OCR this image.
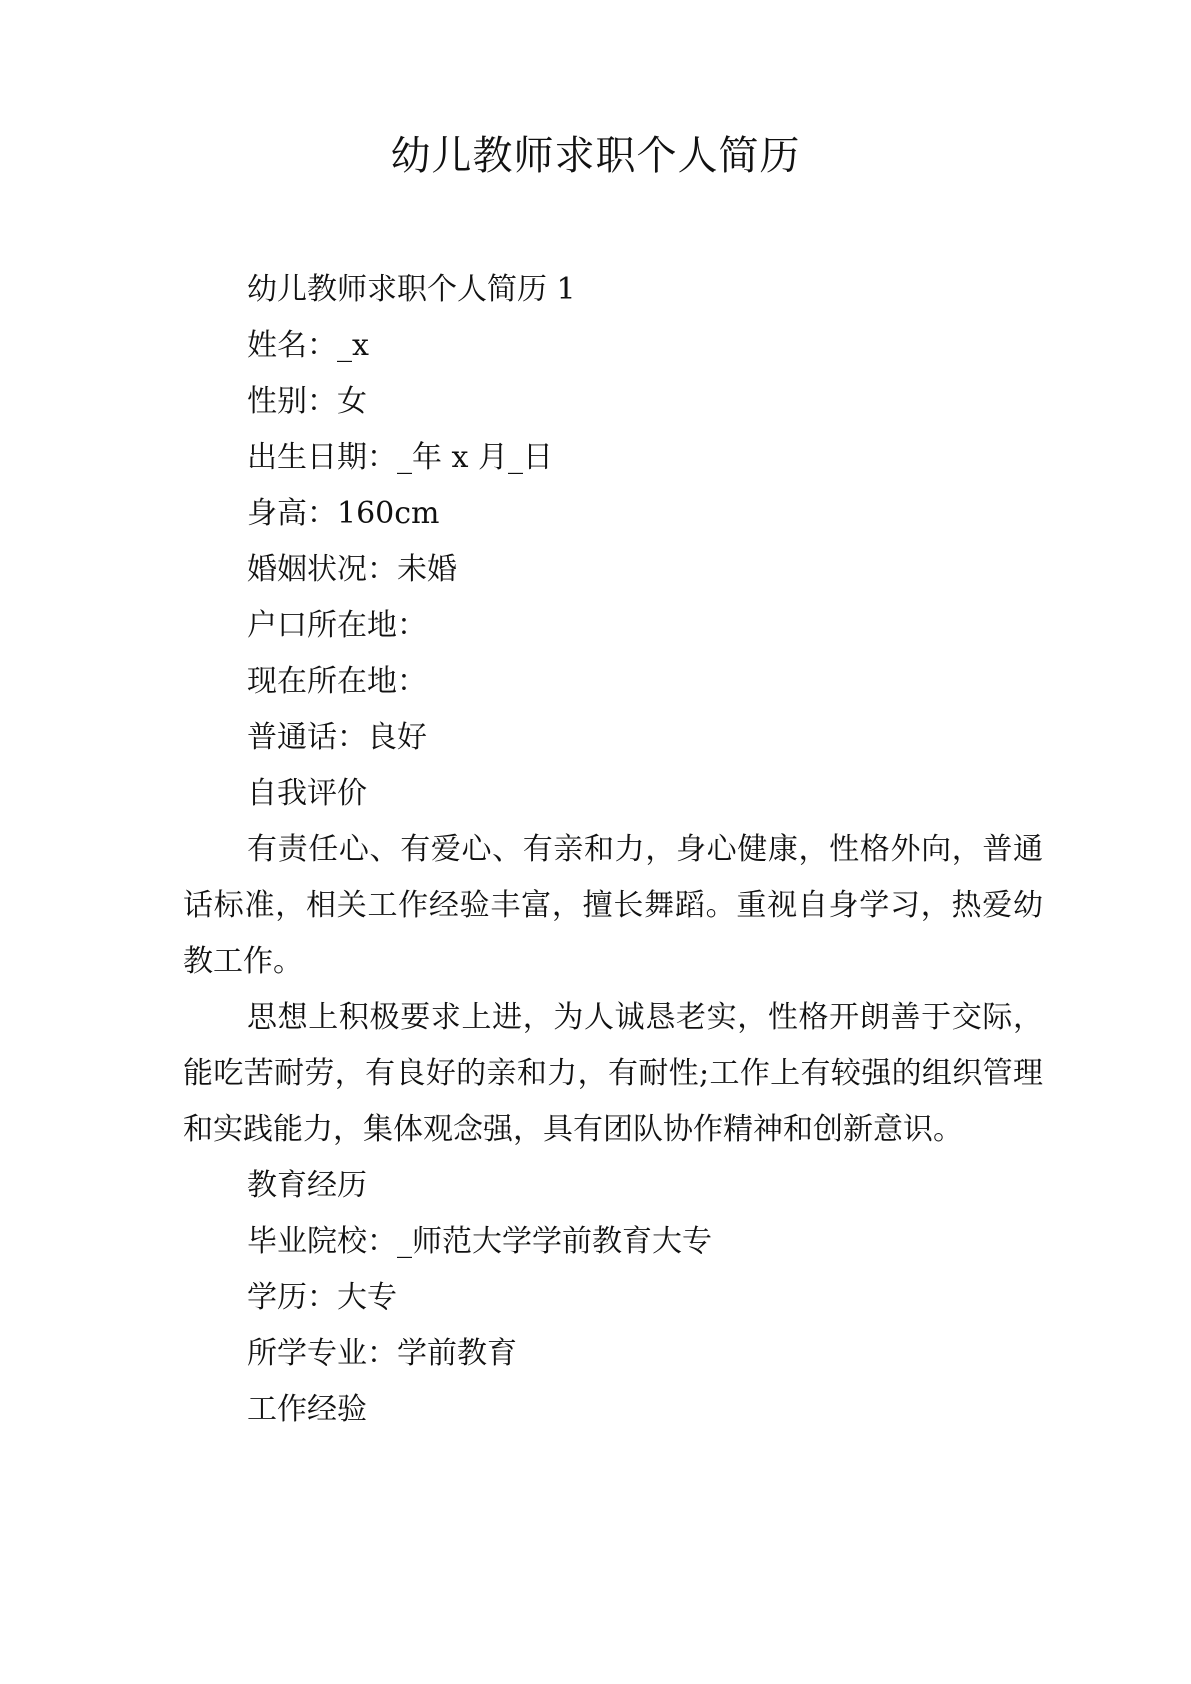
幼儿教师求职个人简历
幼儿教师求职个人简历 1
姓名：_x
性别：女
出生日期：_年 x 月_日
身高：160cm
婚姻状况：未婚
户口所在地：
现在所在地：
普通话：良好
自我评价

有责任心、有爱心、有亲和力，身心健康，性格外向，普通话标准，相关工作经验丰富，擅长舞蹈。重视自身学习，热爱幼教工作。

思想上积极要求上进，为人诚恳老实，性格开朗善于交际，能吃苦耐劳，有良好的亲和力，有耐性;工作上有较强的组织管理和实践能力，集体观念强，具有团队协作精神和创新意识。

教育经历
毕业院校：_师范大学学前教育大专
学历：大专
所学专业：学前教育
工作经验
